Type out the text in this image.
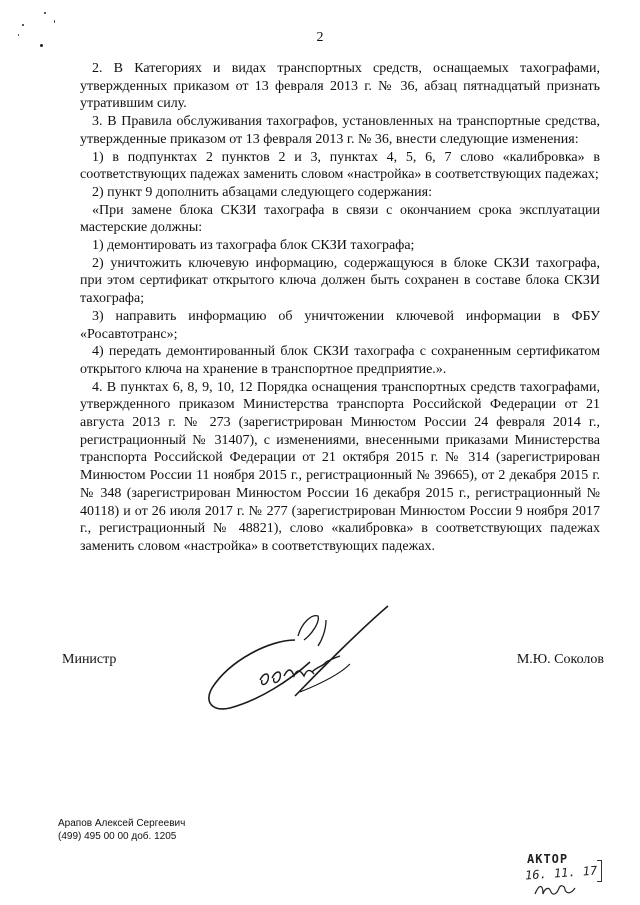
2

2. В Категориях и видах транспортных средств, оснащаемых тахографами, утвержденных приказом от 13 февраля 2013 г. № 36, абзац пятнадцатый признать утратившим силу.

3. В Правила обслуживания тахографов, установленных на транспортные средства, утвержденные приказом от 13 февраля 2013 г. № 36, внести следующие изменения:

1) в подпунктах 2 пунктов 2 и 3, пунктах 4, 5, 6, 7 слово «калибровка» в соответствующих падежах заменить словом «настройка» в соответствующих падежах;

2) пункт 9 дополнить абзацами следующего содержания:

«При замене блока СКЗИ тахографа в связи с окончанием срока эксплуатации мастерские должны:

1) демонтировать из тахографа блок СКЗИ тахографа;

2) уничтожить ключевую информацию, содержащуюся в блоке СКЗИ тахографа, при этом сертификат открытого ключа должен быть сохранен в составе блока СКЗИ тахографа;

3) направить информацию об уничтожении ключевой информации в ФБУ «Росавтотранс»;

4) передать демонтированный блок СКЗИ тахографа с сохраненным сертификатом открытого ключа на хранение в транспортное предприятие.».

4. В пунктах 6, 8, 9, 10, 12 Порядка оснащения транспортных средств тахографами, утвержденного приказом Министерства транспорта Российской Федерации от 21 августа 2013 г. № 273 (зарегистрирован Минюстом России 24 февраля 2014 г., регистрационный № 31407), с изменениями, внесенными приказами Министерства транспорта Российской Федерации от 21 октября 2015 г. № 314 (зарегистрирован Минюстом России 11 ноября 2015 г., регистрационный № 39665), от 2 декабря 2015 г. № 348 (зарегистрирован Минюстом России 16 декабря 2015 г., регистрационный № 40118) и от 26 июля 2017 г. № 277 (зарегистрирован Минюстом России 9 ноября 2017 г., регистрационный № 48821), слово «калибровка» в соответствующих падежах заменить словом «настройка» в соответствующих падежах.

Министр	М.Ю. Соколов
Арапов Алексей Сергеевич
(499) 495 00 00 доб. 1205
АКТОР
16. 11. 17
